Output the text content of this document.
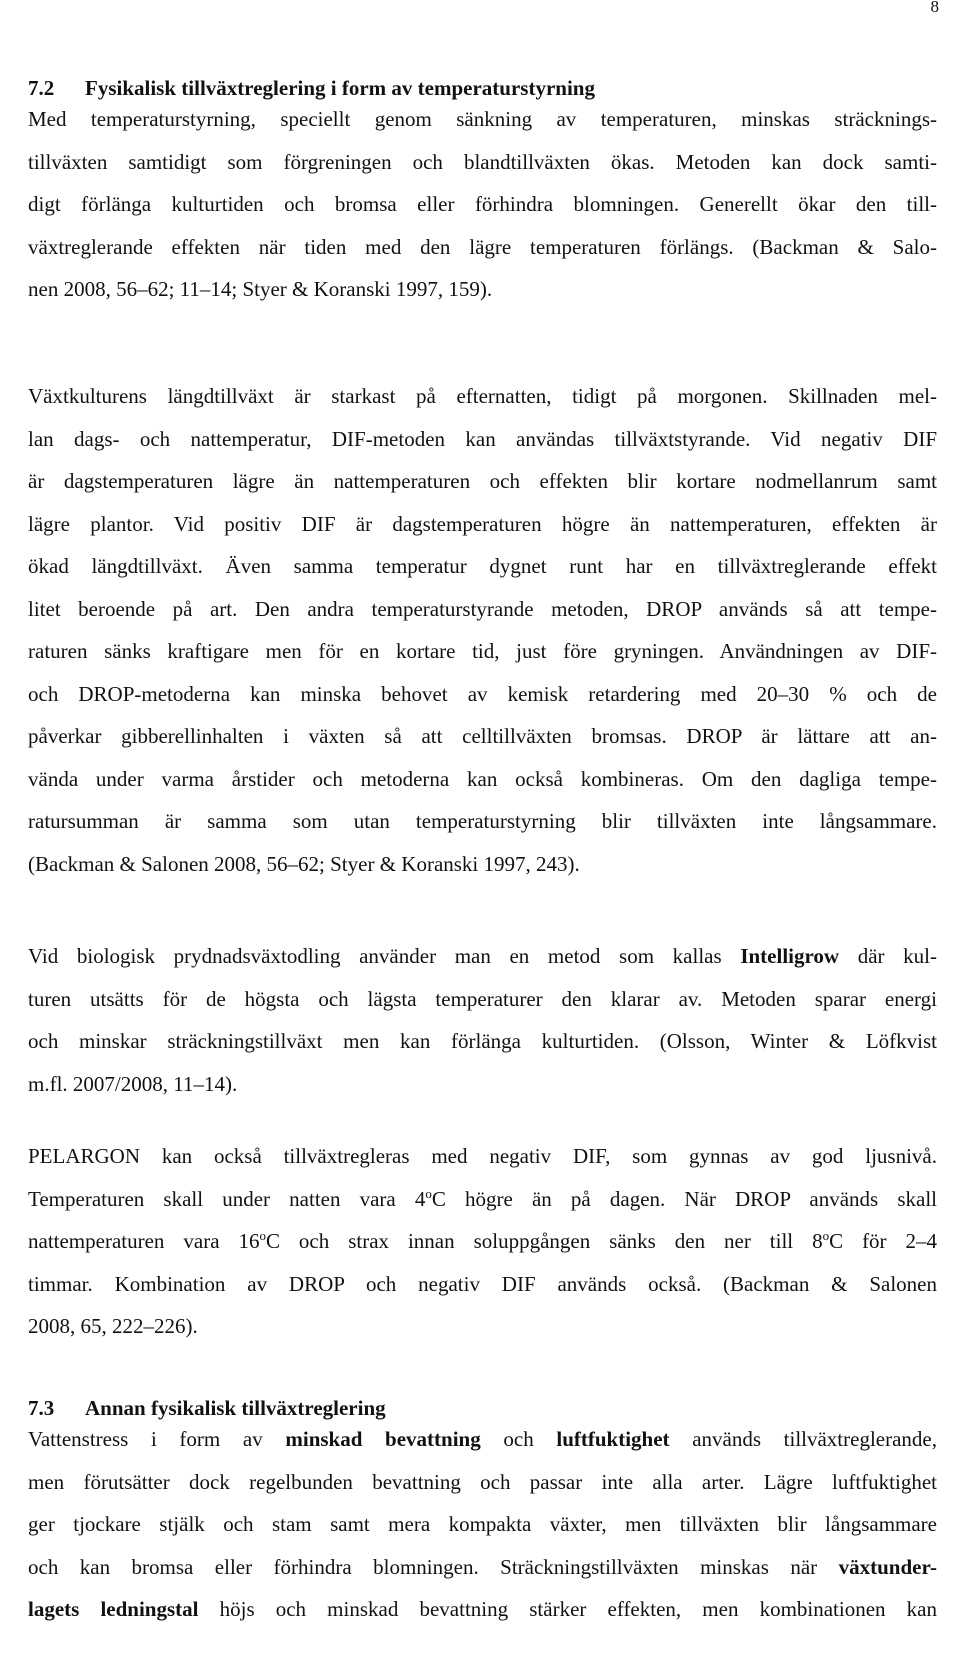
8
7.2 Fysikalisk tillväxtreglering i form av temperaturstyrning
Med temperaturstyrning, speciellt genom sänkning av temperaturen, minskas sträcknings-
tillväxten samtidigt som förgreningen och blandtillväxten ökas. Metoden kan dock samti-
digt förlänga kulturtiden och bromsa eller förhindra blomningen. Generellt ökar den till-
växtreglerande effekten när tiden med den lägre temperaturen förlängs. (Backman & Salo-
nen 2008, 56–62; 11–14; Styer & Koranski 1997, 159).
Växtkulturens längdtillväxt är starkast på efternatten, tidigt på morgonen. Skillnaden mel-
lan dags- och nattemperatur, DIF-metoden kan användas tillväxtstyrande. Vid negativ DIF
är dagstemperaturen lägre än nattemperaturen och effekten blir kortare nodmellanrum samt
lägre plantor. Vid positiv DIF är dagstemperaturen högre än nattemperaturen, effekten är
ökad längdtillväxt. Även samma temperatur dygnet runt har en tillväxtreglerande effekt
litet beroende på art. Den andra temperaturstyrande metoden, DROP används så att tempe-
raturen sänks kraftigare men för en kortare tid, just före gryningen. Användningen av DIF-
och DROP-metoderna kan minska behovet av kemisk retardering med 20–30 % och de
påverkar gibberellinhalten i växten så att celltillväxten bromsas. DROP är lättare att an-
vända under varma årstider och metoderna kan också kombineras. Om den dagliga tempe-
ratursumman är samma som utan temperaturstyrning blir tillväxten inte långsammare.
(Backman & Salonen 2008, 56–62; Styer & Koranski 1997, 243).
Vid biologisk prydnadsväxtodling använder man en metod som kallas Intelligrow där kul-
turen utsätts för de högsta och lägsta temperaturer den klarar av. Metoden sparar energi
och minskar sträckningstillväxt men kan förlänga kulturtiden. (Olsson, Winter & Löfkvist
m.fl. 2007/2008, 11–14).
PELARGON kan också tillväxtregleras med negativ DIF, som gynnas av god ljusnivå.
Temperaturen skall under natten vara 4$^o$C högre än på dagen. När DROP används skall
nattemperaturen vara 16$^o$C och strax innan soluppgången sänks den ner till 8$^o$C för 2–4
timmar. Kombination av DROP och negativ DIF används också. (Backman & Salonen
2008, 65, 222–226).
7.3 Annan fysikalisk tillväxtreglering
Vattenstress i form av minskad bevattning och luftfuktighet används tillväxtreglerande,
men förutsätter dock regelbunden bevattning och passar inte alla arter. Lägre luftfuktighet
ger tjockare stjälk och stam samt mera kompakta växter, men tillväxten blir långsammare
och kan bromsa eller förhindra blomningen. Sträckningstillväxten minskas när växtunder-
lagets ledningstal höjs och minskad bevattning stärker effekten, men kombinationen kan
